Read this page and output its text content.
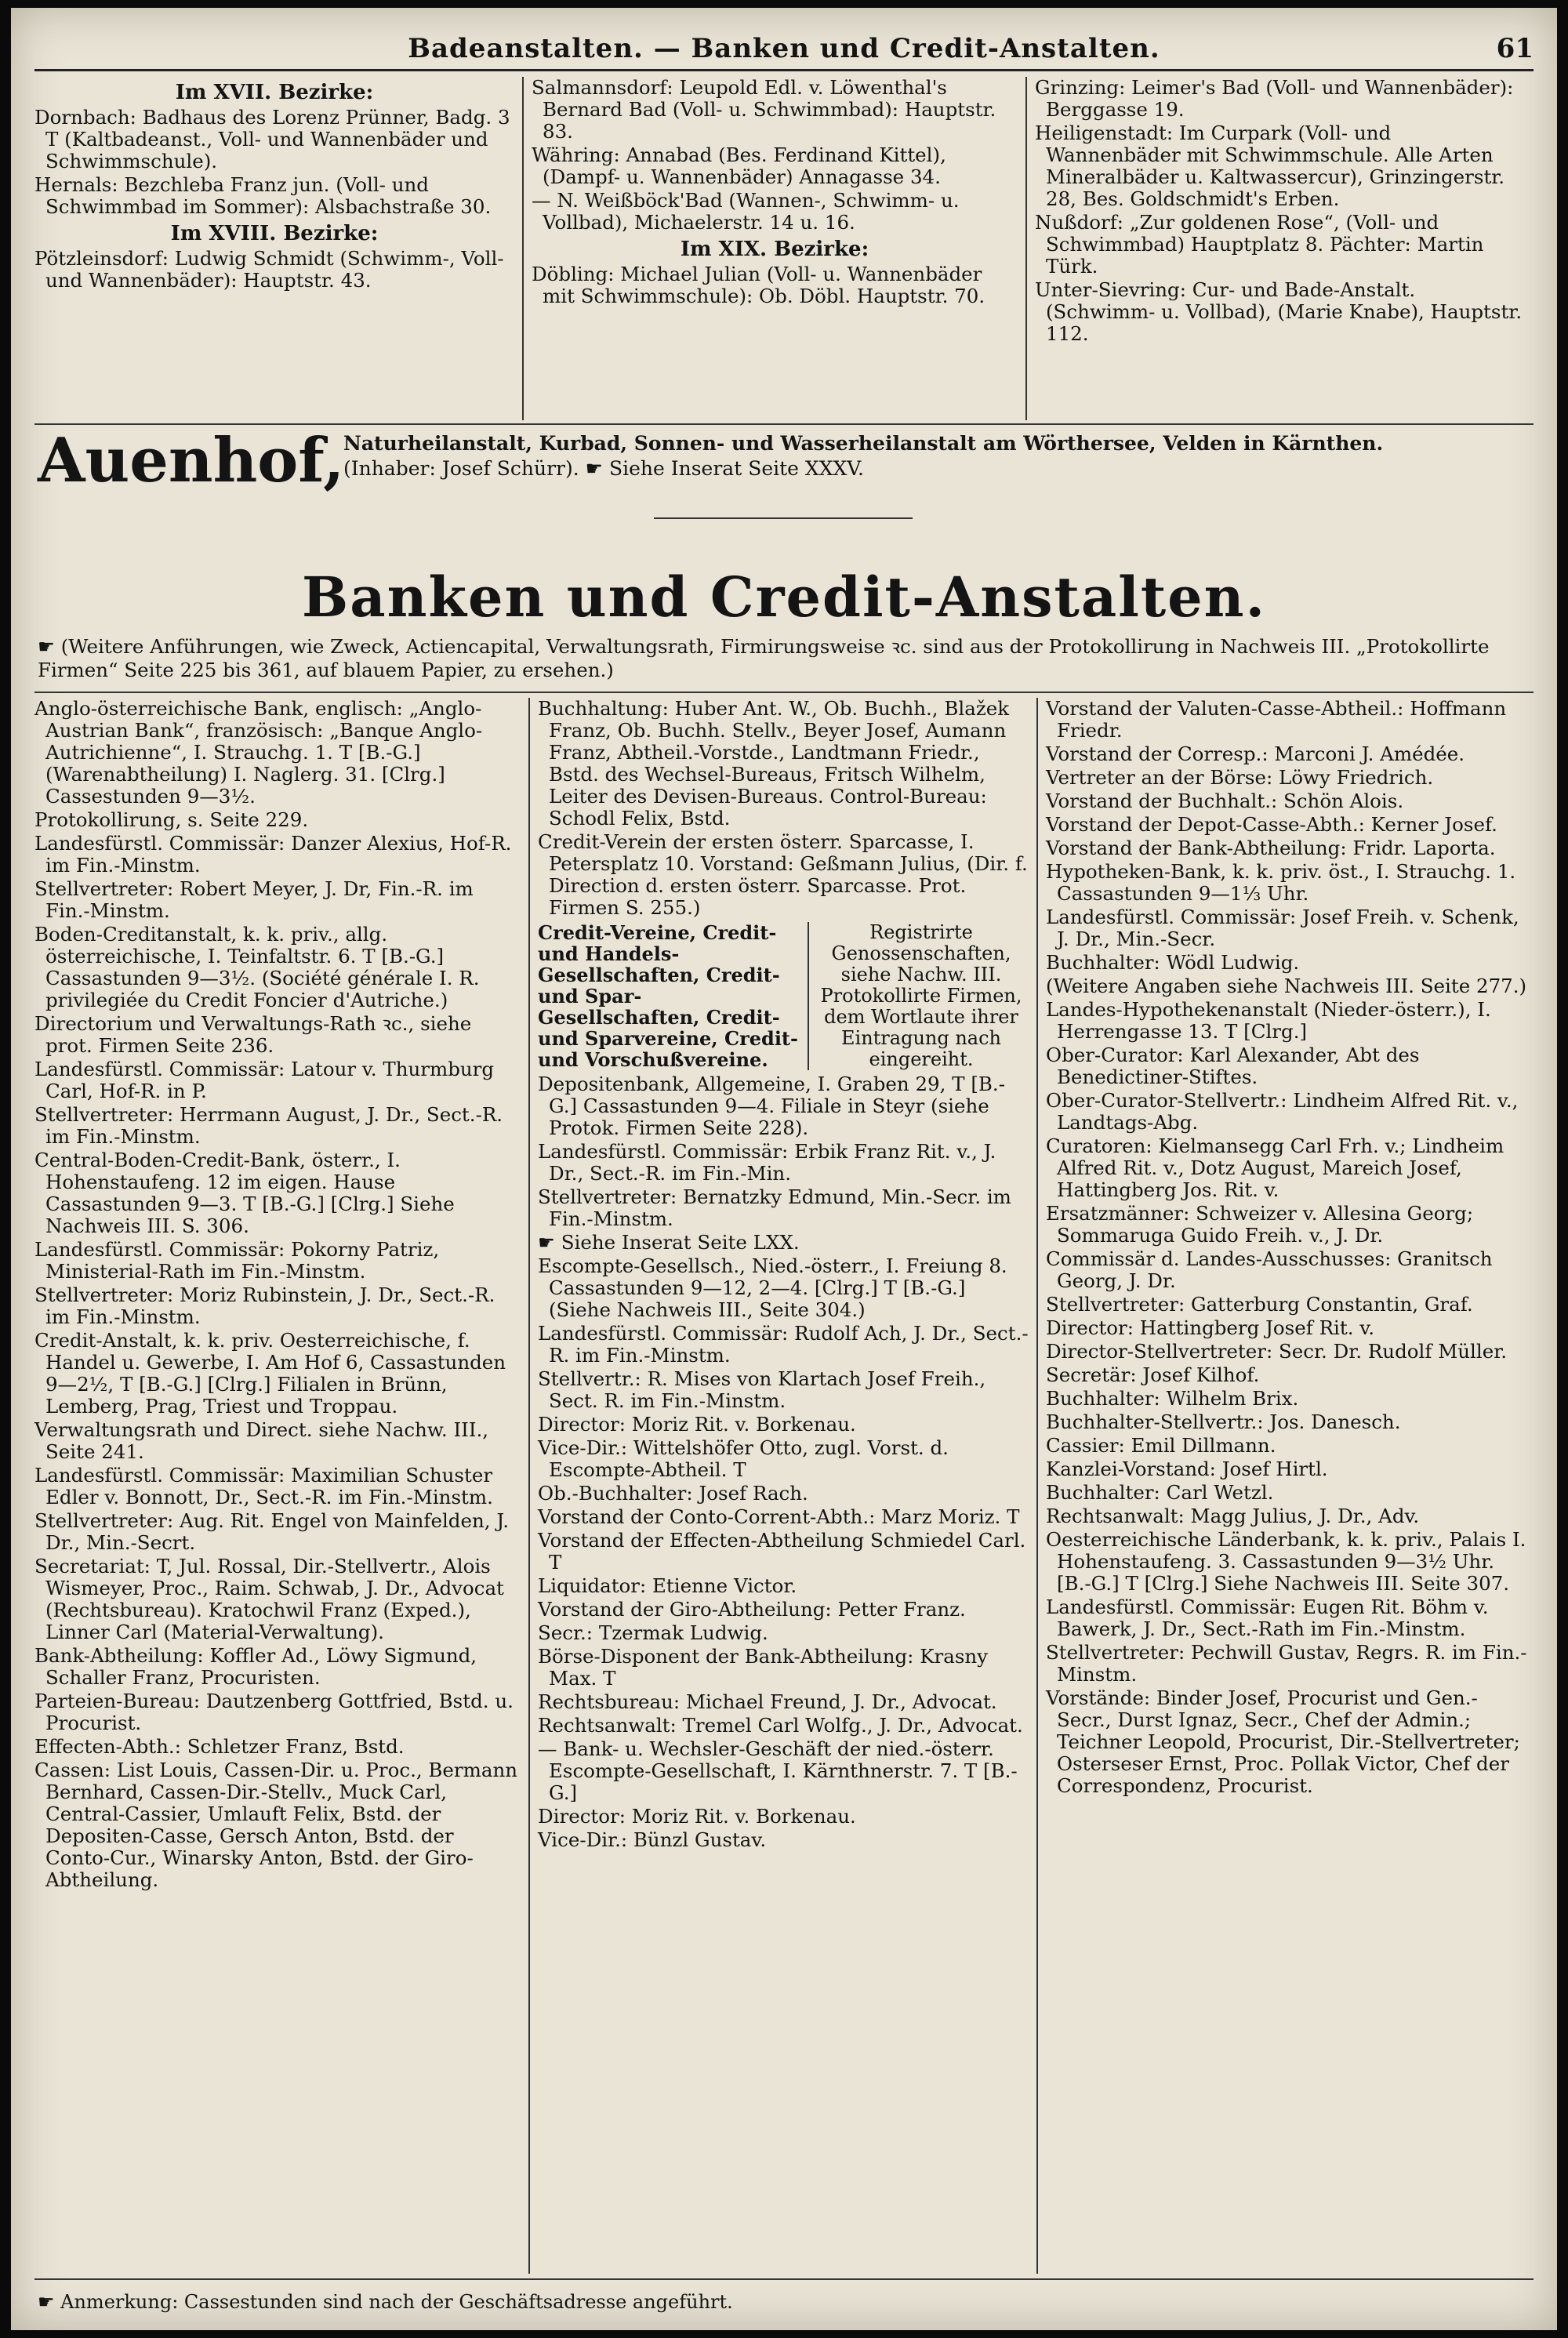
Badeanstalten. — Banken und Credit-Anstalten.	61
Im XVII. Bezirke:

Dornbach: Badhaus des Lorenz Prünner, Badg. 3 T (Kaltbadeanst., Voll- und Wannenbäder und Schwimmschule).

Hernals: Bezchleba Franz jun. (Voll- und Schwimmbad im Sommer): Alsbachstraße 30.

Im XVIII. Bezirke:

Pötzleinsdorf: Ludwig Schmidt (Schwimm-, Voll- und Wannenbäder): Hauptstr. 43.

Salmannsdorf: Leupold Edl. v. Löwenthal's Bernard Bad (Voll- u. Schwimmbad): Hauptstr. 83.

Währing: Annabad (Bes. Ferdinand Kittel), (Dampf- u. Wannenbäder) Annagasse 34.

— N. Weißböck'Bad (Wannen-, Schwimm- u. Vollbad), Michaelerstr. 14 u. 16.

Im XIX. Bezirke:

Döbling: Michael Julian (Voll- u. Wannenbäder mit Schwimmschule): Ob. Döbl. Hauptstr. 70.

Grinzing: Leimer's Bad (Voll- und Wannenbäder): Berggasse 19.

Heiligenstadt: Im Curpark (Voll- und Wannenbäder mit Schwimmschule. Alle Arten Mineralbäder u. Kaltwassercur), Grinzingerstr. 28, Bes. Goldschmidt's Erben.

Nußdorf: „Zur goldenen Rose“, (Voll- und Schwimmbad) Hauptplatz 8. Pächter: Martin Türk.

Unter-Sievring: Cur- und Bade-Anstalt. (Schwimm- u. Vollbad), (Marie Knabe), Hauptstr. 112.

Auenhof,
Naturheilanstalt, Kurbad, Sonnen- und Wasserheilanstalt am Wörthersee, Velden in Kärnthen.
(Inhaber: Josef Schürr). ☛ Siehe Inserat Seite XXXV.
Banken und Credit-Anstalten.
☛ (Weitere Anführungen, wie Zweck, Actiencapital, Verwaltungsrath, Firmirungsweise ꝛc. sind aus der Protokollirung in Nachweis III. „Protokollirte Firmen“ Seite 225 bis 361, auf blauem Papier, zu ersehen.)

Anglo-österreichische Bank, englisch: „Anglo-Austrian Bank“, französisch: „Banque Anglo-Autrichienne“, I. Strauchg. 1. T [B.-G.] (Warenabtheilung) I. Naglerg. 31. [Clrg.] Cassestunden 9—3½.

Protokollirung, s. Seite 229.

Landesfürstl. Commissär: Danzer Alexius, Hof-R. im Fin.-Minstm.

Stellvertreter: Robert Meyer, J. Dr, Fin.-R. im Fin.-Minstm.

Boden-Creditanstalt, k. k. priv., allg. österreichische, I. Teinfaltstr. 6. T [B.-G.] Cassastunden 9—3½. (Société générale I. R. privilegiée du Credit Foncier d'Autriche.)

Directorium und Verwaltungs-Rath ꝛc., siehe prot. Firmen Seite 236.

Landesfürstl. Commissär: Latour v. Thurmburg Carl, Hof-R. in P.

Stellvertreter: Herrmann August, J. Dr., Sect.-R. im Fin.-Minstm.

Central-Boden-Credit-Bank, österr., I. Hohenstaufeng. 12 im eigen. Hause Cassastunden 9—3. T [B.-G.] [Clrg.] Siehe Nachweis III. S. 306.

Landesfürstl. Commissär: Pokorny Patriz, Ministerial-Rath im Fin.-Minstm.

Stellvertreter: Moriz Rubinstein, J. Dr., Sect.-R. im Fin.-Minstm.

Credit-Anstalt, k. k. priv. Oesterreichische, f. Handel u. Gewerbe, I. Am Hof 6, Cassastunden 9—2½, T [B.-G.] [Clrg.] Filialen in Brünn, Lemberg, Prag, Triest und Troppau.

Verwaltungsrath und Direct. siehe Nachw. III., Seite 241.

Landesfürstl. Commissär: Maximilian Schuster Edler v. Bonnott, Dr., Sect.-R. im Fin.-Minstm.

Stellvertreter: Aug. Rit. Engel von Mainfelden, J. Dr., Min.-Secrt.

Secretariat: T, Jul. Rossal, Dir.-Stellvertr., Alois Wismeyer, Proc., Raim. Schwab, J. Dr., Advocat (Rechtsbureau). Kratochwil Franz (Exped.), Linner Carl (Material-Verwaltung).

Bank-Abtheilung: Koffler Ad., Löwy Sigmund, Schaller Franz, Procuristen.

Parteien-Bureau: Dautzenberg Gottfried, Bstd. u. Procurist.

Effecten-Abth.: Schletzer Franz, Bstd.

Cassen: List Louis, Cassen-Dir. u. Proc., Bermann Bernhard, Cassen-Dir.-Stellv., Muck Carl, Central-Cassier, Umlauft Felix, Bstd. der Depositen-Casse, Gersch Anton, Bstd. der Conto-Cur., Winarsky Anton, Bstd. der Giro-Abtheilung.

Buchhaltung: Huber Ant. W., Ob. Buchh., Blažek Franz, Ob. Buchh. Stellv., Beyer Josef, Aumann Franz, Abtheil.-Vorstde., Landtmann Friedr., Bstd. des Wechsel-Bureaus, Fritsch Wilhelm, Leiter des Devisen-Bureaus. Control-Bureau: Schodl Felix, Bstd.

Credit-Verein der ersten österr. Sparcasse, I. Petersplatz 10. Vorstand: Geßmann Julius, (Dir. f. Direction d. ersten österr. Sparcasse. Prot. Firmen S. 255.)

Credit-Vereine, Credit- und Handels-Gesellschaften, Credit- und Spar-Gesellschaften, Credit- und Sparvereine, Credit- und Vorschußvereine.
Registrirte Genossenschaften, siehe Nachw. III. Protokollirte Firmen, dem Wortlaute ihrer Eintragung nach eingereiht.

Depositenbank, Allgemeine, I. Graben 29, T [B.-G.] Cassastunden 9—4. Filiale in Steyr (siehe Protok. Firmen Seite 228).

Landesfürstl. Commissär: Erbik Franz Rit. v., J. Dr., Sect.-R. im Fin.-Min.

Stellvertreter: Bernatzky Edmund, Min.-Secr. im Fin.-Minstm.

☛ Siehe Inserat Seite LXX.

Escompte-Gesellsch., Nied.-österr., I. Freiung 8. Cassastunden 9—12, 2—4. [Clrg.] T [B.-G.] (Siehe Nachweis III., Seite 304.)

Landesfürstl. Commissär: Rudolf Ach, J. Dr., Sect.-R. im Fin.-Minstm.

Stellvertr.: R. Mises von Klartach Josef Freih., Sect. R. im Fin.-Minstm.

Director: Moriz Rit. v. Borkenau.

Vice-Dir.: Wittelshöfer Otto, zugl. Vorst. d. Escompte-Abtheil. T

Ob.-Buchhalter: Josef Rach.

Vorstand der Conto-Corrent-Abth.: Marz Moriz. T

Vorstand der Effecten-Abtheilung Schmiedel Carl. T

Liquidator: Etienne Victor.

Vorstand der Giro-Abtheilung: Petter Franz.

Secr.: Tzermak Ludwig.

Börse-Disponent der Bank-Abtheilung: Krasny Max. T

Rechtsbureau: Michael Freund, J. Dr., Advocat.

Rechtsanwalt: Tremel Carl Wolfg., J. Dr., Advocat.

— Bank- u. Wechsler-Geschäft der nied.-österr. Escompte-Gesellschaft, I. Kärnthnerstr. 7. T [B.-G.]

Director: Moriz Rit. v. Borkenau.

Vice-Dir.: Bünzl Gustav.

Vorstand der Valuten-Casse-Abtheil.: Hoffmann Friedr.

Vorstand der Corresp.: Marconi J. Amédée.

Vertreter an der Börse: Löwy Friedrich.

Vorstand der Buchhalt.: Schön Alois.

Vorstand der Depot-Casse-Abth.: Kerner Josef.

Vorstand der Bank-Abtheilung: Fridr. Laporta.

Hypotheken-Bank, k. k. priv. öst., I. Strauchg. 1. Cassastunden 9—1⅓ Uhr.

Landesfürstl. Commissär: Josef Freih. v. Schenk, J. Dr., Min.-Secr.

Buchhalter: Wödl Ludwig.

(Weitere Angaben siehe Nachweis III. Seite 277.)

Landes-Hypothekenanstalt (Nieder-österr.), I. Herrengasse 13. T [Clrg.]

Ober-Curator: Karl Alexander, Abt des Benedictiner-Stiftes.

Ober-Curator-Stellvertr.: Lindheim Alfred Rit. v., Landtags-Abg.

Curatoren: Kielmansegg Carl Frh. v.; Lindheim Alfred Rit. v., Dotz August, Mareich Josef, Hattingberg Jos. Rit. v.

Ersatzmänner: Schweizer v. Allesina Georg; Sommaruga Guido Freih. v., J. Dr.

Commissär d. Landes-Ausschusses: Granitsch Georg, J. Dr.

Stellvertreter: Gatterburg Constantin, Graf.

Director: Hattingberg Josef Rit. v.

Director-Stellvertreter: Secr. Dr. Rudolf Müller.

Secretär: Josef Kilhof.

Buchhalter: Wilhelm Brix.

Buchhalter-Stellvertr.: Jos. Danesch.

Cassier: Emil Dillmann.

Kanzlei-Vorstand: Josef Hirtl.

Buchhalter: Carl Wetzl.

Rechtsanwalt: Magg Julius, J. Dr., Adv.

Oesterreichische Länderbank, k. k. priv., Palais I. Hohenstaufeng. 3. Cassastunden 9—3½ Uhr. [B.-G.] T [Clrg.] Siehe Nachweis III. Seite 307.

Landesfürstl. Commissär: Eugen Rit. Böhm v. Bawerk, J. Dr., Sect.-Rath im Fin.-Minstm.

Stellvertreter: Pechwill Gustav, Regrs. R. im Fin.-Minstm.

Vorstände: Binder Josef, Procurist und Gen.-Secr., Durst Ignaz, Secr., Chef der Admin.; Teichner Leopold, Procurist, Dir.-Stellvertreter; Osterseser Ernst, Proc. Pollak Victor, Chef der Correspondenz, Procurist.

☛ Anmerkung: Cassestunden sind nach der Geschäftsadresse angeführt.
